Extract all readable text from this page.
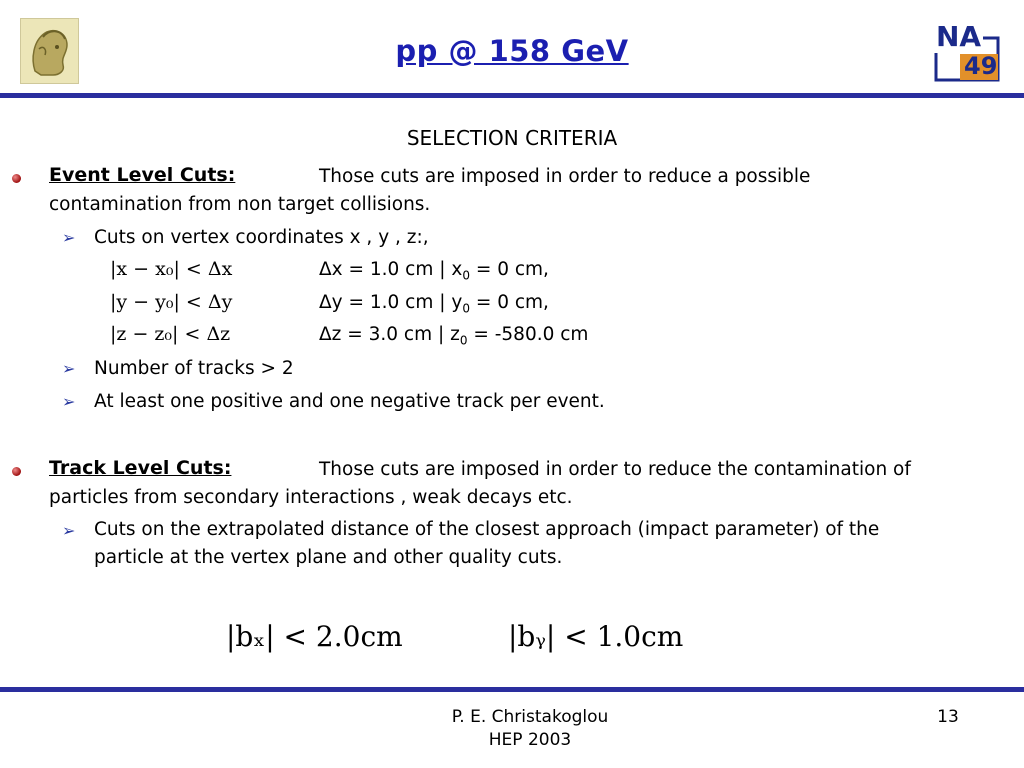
pp @ 158 GeV	NA
49
SELECTION CRITERIA
Event Level Cuts:	Those cuts are imposed in order to reduce a possible
contamination from non target collisions.
➢ Cuts on vertex coordinates x , y , z:,
|x − x₀| < Δx	Δx = 1.0 cm | $x_0 = 0$ cm,
|y − y₀| < Δy	Δy = 1.0 cm | $y_0 = 0$ cm,
|z − z₀| < Δz	Δz = 3.0 cm | $z_0 = -580.0$ cm
➢ Number of tracks > 2
➢ At least one positive and one negative track per event.
Track Level Cuts:	Those cuts are imposed in order to reduce the contamination of
particles from secondary interactions , weak decays etc.
➢ Cuts on the extrapolated distance of the closest approach (impact parameter) of the
particle at the vertex plane and other quality cuts.
|bₓ| < 2.0cm	|bᵧ| < 1.0cm
P. E. Christakoglou
HEP 2003
13
